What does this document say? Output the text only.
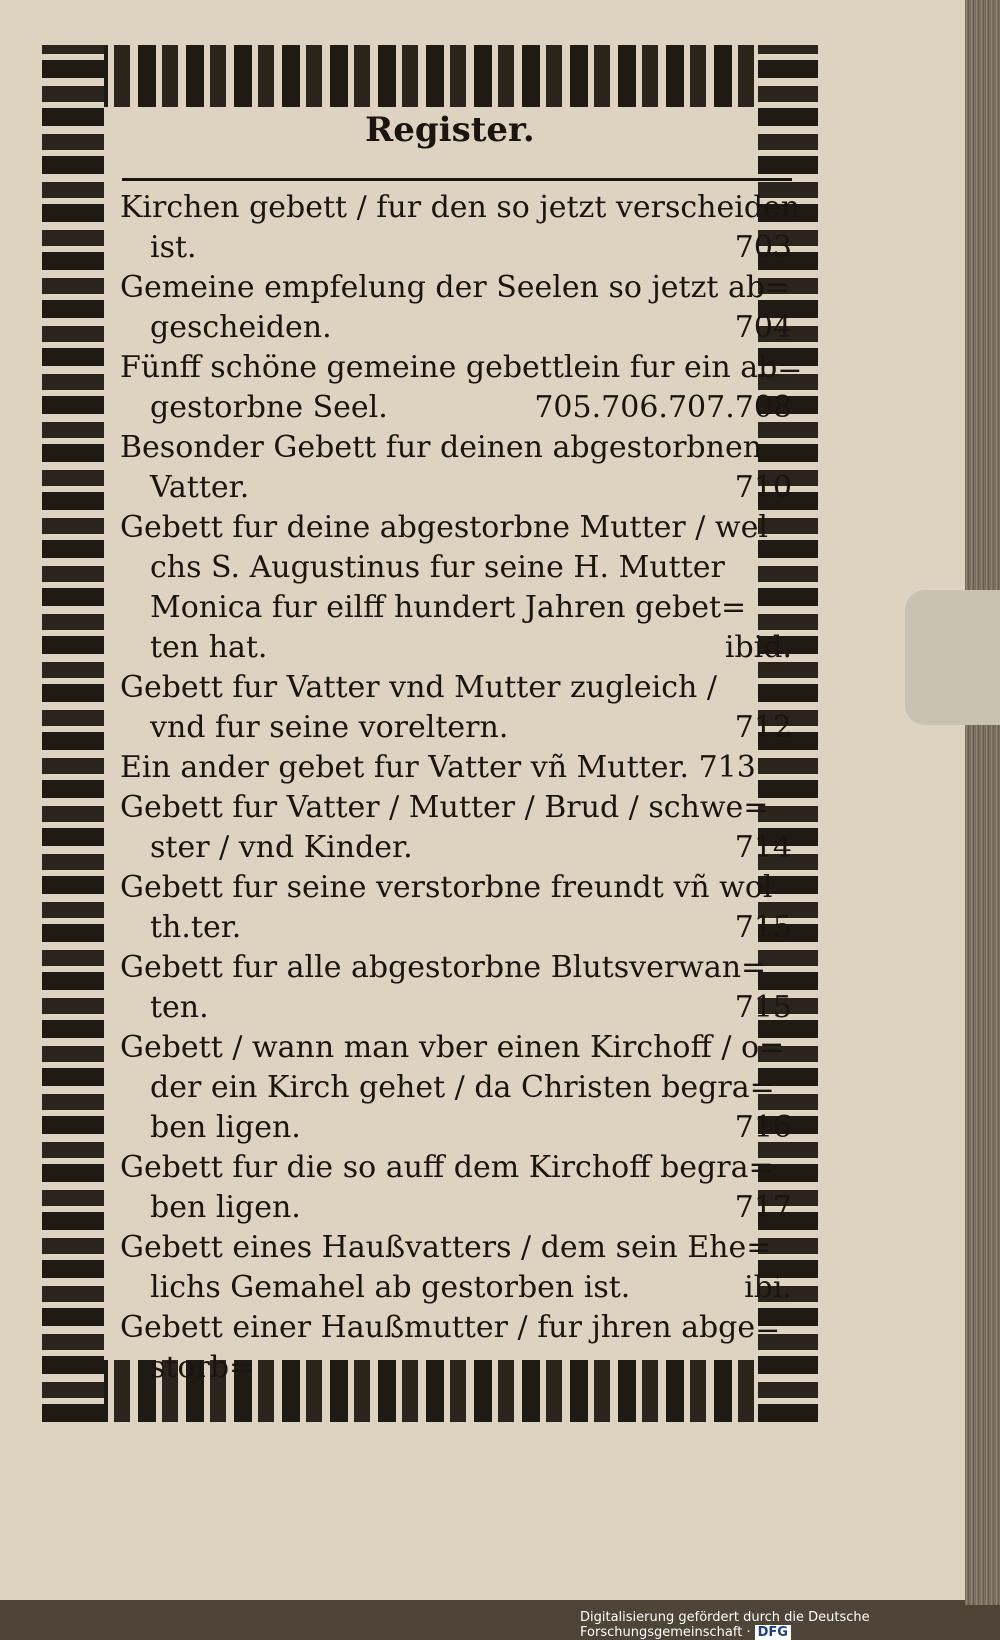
Register.
Kirchen gebett / fur den so jetzt verscheiden
ist.	703
Gemeine empfelung der Seelen so jetzt ab=
gescheiden.	704
Fünff schöne gemeine gebettlein fur ein ab=
gestorbne Seel.	705.706.707.708
Besonder Gebett fur deinen abgestorbnen
Vatter.	710
Gebett fur deine abgestorbne Mutter / wel
chs S. Augustinus fur seine H. Mutter
Monica fur eilff hundert Jahren gebet=
ten hat.	ibid.
Gebett fur Vatter vnd Mutter zugleich /
vnd fur seine voreltern.	712
Ein ander gebet fur Vatter vñ Mutter. 713
Gebett fur Vatter / Mutter / Brud / schwe=
ster / vnd Kinder.	714
Gebett fur seine verstorbne freundt vñ wol
th.ter.	715
Gebett fur alle abgestorbne Blutsverwan=
ten.	715
Gebett / wann man vber einen Kirchoff / o=
der ein Kirch gehet / da Christen begra=
ben ligen.	716
Gebett fur die so auff dem Kirchoff begra=
ben ligen.	717
Gebett eines Haußvatters / dem sein Ehe=
lichs Gemahel ab gestorben ist.	ibi.
Gebett einer Haußmutter / fur jhren abge=
storb=
Digitalisierung gefördert durch die Deutsche Forschungsgemeinschaft · DFG
